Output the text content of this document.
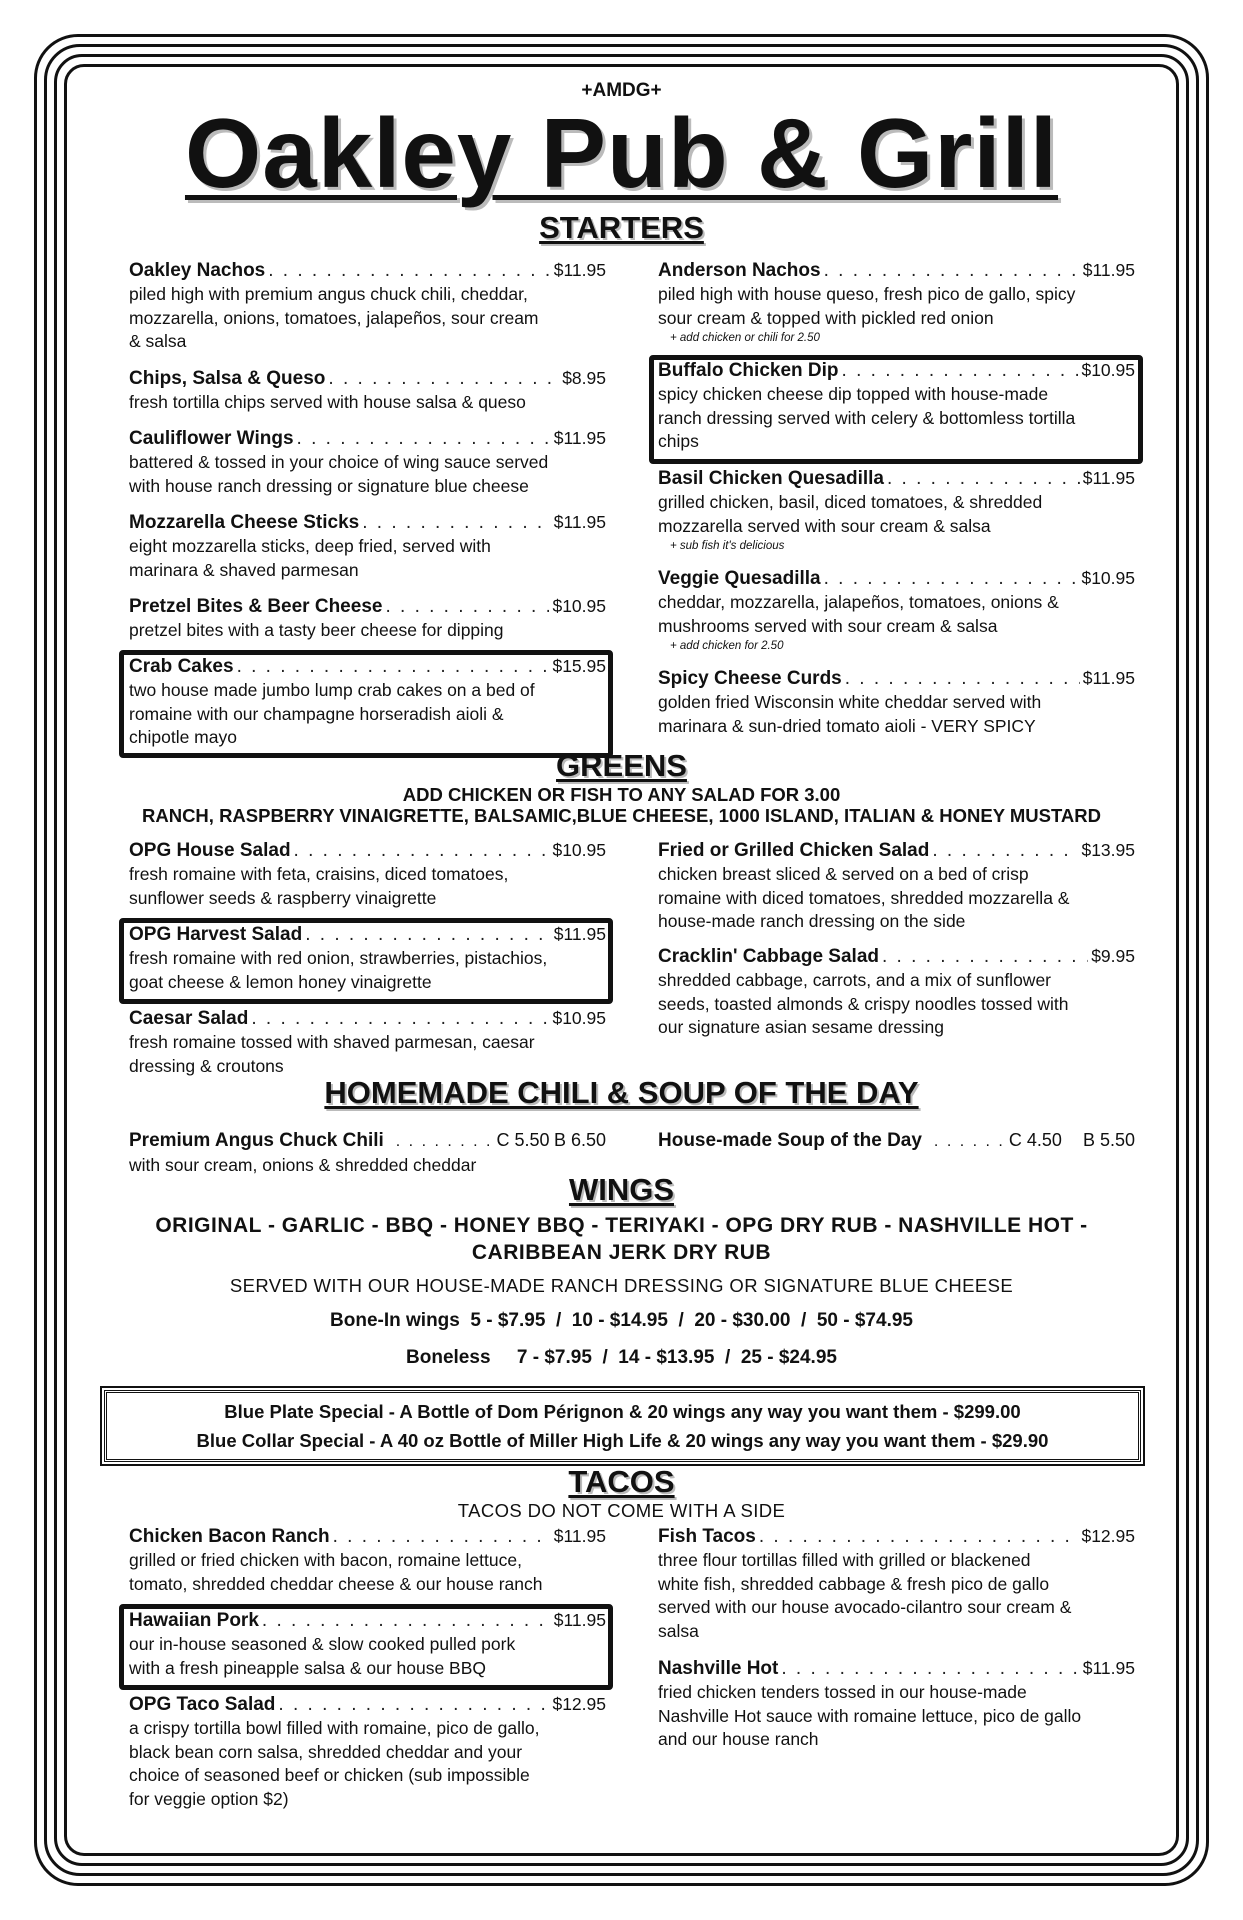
+AMDG+
Oakley Pub & Grill
STARTERS
Oakley Nachos . . .	$11.95
piled high with premium angus chuck chili, cheddar,
mozzarella, onions, tomatoes, jalapeños, sour cream
& salsa
Chips, Salsa & Queso . . .	$8.95
fresh tortilla chips served with house salsa & queso
Cauliflower Wings . . .	$11.95
battered & tossed in your choice of wing sauce served
with house ranch dressing or signature blue cheese
Mozzarella Cheese Sticks . . .	$11.95
eight mozzarella sticks, deep fried, served with
marinara & shaved parmesan
Pretzel Bites & Beer Cheese . . .	$10.95
pretzel bites with a tasty beer cheese for dipping
Crab Cakes . . .	$15.95
two house made jumbo lump crab cakes on a bed of
romaine with our champagne horseradish aioli &
chipotle mayo
Anderson Nachos . . .	$11.95
piled high with house queso, fresh pico de gallo, spicy
sour cream & topped with pickled red onion
+ add chicken or chili for 2.50
Buffalo Chicken Dip . . .	$10.95
spicy chicken cheese dip topped with house-made
ranch dressing served with celery & bottomless tortilla
chips
Basil Chicken Quesadilla . . .	$11.95
grilled chicken, basil, diced tomatoes, & shredded
mozzarella served with sour cream & salsa
+ sub fish it's delicious
Veggie Quesadilla . . .	$10.95
cheddar, mozzarella, jalapeños, tomatoes, onions &
mushrooms served with sour cream & salsa
+ add chicken for 2.50
Spicy Cheese Curds . . .	$11.95
golden fried Wisconsin white cheddar served with
marinara & sun-dried tomato aioli - VERY SPICY
GREENS
ADD CHICKEN OR FISH TO ANY SALAD FOR 3.00
RANCH, RASPBERRY VINAIGRETTE, BALSAMIC,BLUE CHEESE, 1000 ISLAND, ITALIAN & HONEY MUSTARD
OPG House Salad . . .	$10.95
fresh romaine with feta, craisins, diced tomatoes,
sunflower seeds & raspberry vinaigrette
OPG Harvest Salad . . .	$11.95
fresh romaine with red onion, strawberries, pistachios,
goat cheese & lemon honey vinaigrette
Caesar Salad . . .	$10.95
fresh romaine tossed with shaved parmesan, caesar
dressing & croutons
Fried or Grilled Chicken Salad . . .	$13.95
chicken breast sliced & served on a bed of crisp
romaine with diced tomatoes, shredded mozzarella &
house-made ranch dressing on the side
Cracklin' Cabbage Salad . . .	$9.95
shredded cabbage, carrots, and a mix of sunflower
seeds, toasted almonds & crispy noodles tossed with
our signature asian sesame dressing
HOMEMADE CHILI & SOUP OF THE DAY
Premium Angus Chuck Chili . . . . . . . . C 5.50 B 6.50
with sour cream, onions & shredded cheddar
House-made Soup of the Day . . . . . . C 4.50 B 5.50
WINGS
ORIGINAL - GARLIC - BBQ - HONEY BBQ - TERIYAKI - OPG DRY RUB - NASHVILLE HOT -
CARIBBEAN JERK DRY RUB
SERVED WITH OUR HOUSE-MADE RANCH DRESSING OR SIGNATURE BLUE CHEESE
Bone-In wings  5 - $7.95  /  10 - $14.95  /  20 - $30.00  /  50 - $74.95
Boneless     7 - $7.95  /  14 - $13.95  /  25 - $24.95
Blue Plate Special - A Bottle of Dom Pérignon & 20 wings any way you want them - $299.00
Blue Collar Special - A 40 oz Bottle of Miller High Life & 20 wings any way you want them - $29.90
TACOS
TACOS DO NOT COME WITH A SIDE
Chicken Bacon Ranch . . .	$11.95
grilled or fried chicken with bacon, romaine lettuce,
tomato, shredded cheddar cheese & our house ranch
Hawaiian Pork . . .	$11.95
our in-house seasoned & slow cooked pulled pork
with a fresh pineapple salsa & our house BBQ
OPG Taco Salad . . .	$12.95
a crispy tortilla bowl filled with romaine, pico de gallo,
black bean corn salsa, shredded cheddar and your
choice of seasoned beef or chicken (sub impossible
for veggie option $2)
Fish Tacos . . .	$12.95
three flour tortillas filled with grilled or blackened
white fish, shredded cabbage & fresh pico de gallo
served with our house avocado-cilantro sour cream &
salsa
Nashville Hot . . .	$11.95
fried chicken tenders tossed in our house-made
Nashville Hot sauce with romaine lettuce, pico de gallo
and our house ranch
